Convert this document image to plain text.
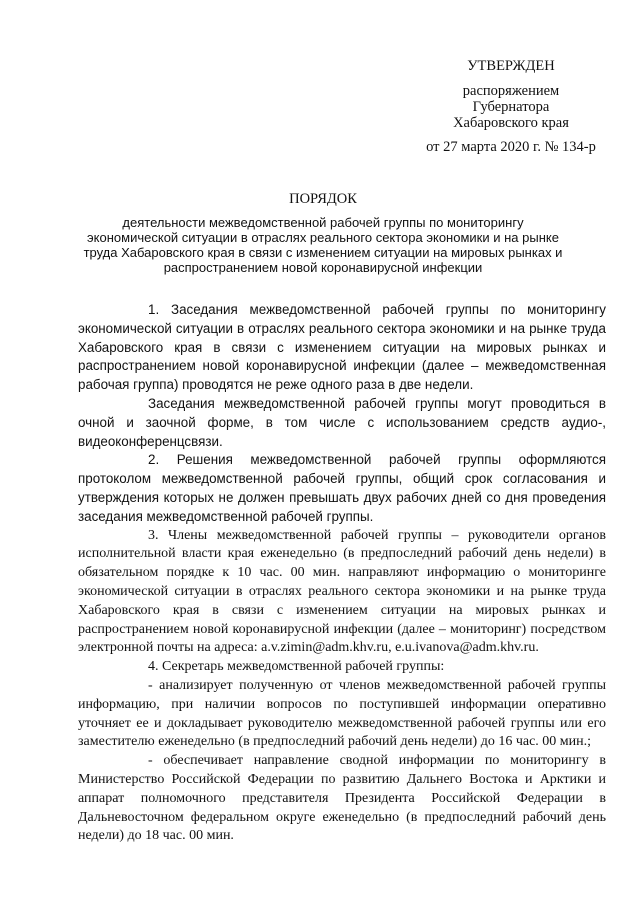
УТВЕРЖДЕН
распоряжением
Губернатора
Хабаровского края
от 27 марта 2020 г. № 134-р
ПОРЯДОК
деятельности межведомственной рабочей группы по мониторингу экономической ситуации в отраслях реального сектора экономики и на рынке труда Хабаровского края в связи с изменением ситуации на мировых рынках и распространением новой коронавирусной инфекции

1. Заседания межведомственной рабочей группы по мониторингу экономической ситуации в отраслях реального сектора экономики и на рынке труда Хабаровского края в связи с изменением ситуации на мировых рынках и распространением новой коронавирусной инфекции (далее – межведомственная рабочая группа) проводятся не реже одного раза в две недели.

Заседания межведомственной рабочей группы могут проводиться в очной и заочной форме, в том числе с использованием средств аудио-, видеоконференцсвязи.

2. Решения межведомственной рабочей группы оформляются протоколом межведомственной рабочей группы, общий срок согласования и утверждения которых не должен превышать двух рабочих дней со дня проведения заседания межведомственной рабочей группы.

3. Члены межведомственной рабочей группы – руководители органов исполнительной власти края еженедельно (в предпоследний рабочий день недели) в обязательном порядке к 10 час. 00 мин. направляют информацию о мониторинге экономической ситуации в отраслях реального сектора экономики и на рынке труда Хабаровского края в связи с изменением ситуации на мировых рынках и распространением новой коронавирусной инфекции (далее – мониторинг) посредством электронной почты на адреса: a.v.zimin@adm.khv.ru, e.u.ivanova@adm.khv.ru.

4. Секретарь межведомственной рабочей группы:

- анализирует полученную от членов межведомственной рабочей группы информацию, при наличии вопросов по поступившей информации оперативно уточняет ее и докладывает руководителю межведомственной рабочей группы или его заместителю еженедельно (в предпоследний рабочий день недели) до 16 час. 00 мин.;

- обеспечивает направление сводной информации по мониторингу в Министерство Российской Федерации по развитию Дальнего Востока и Арктики и аппарат полномочного представителя Президента Российской Федерации в Дальневосточном федеральном округе еженедельно (в предпоследний рабочий день недели) до 18 час. 00 мин.
